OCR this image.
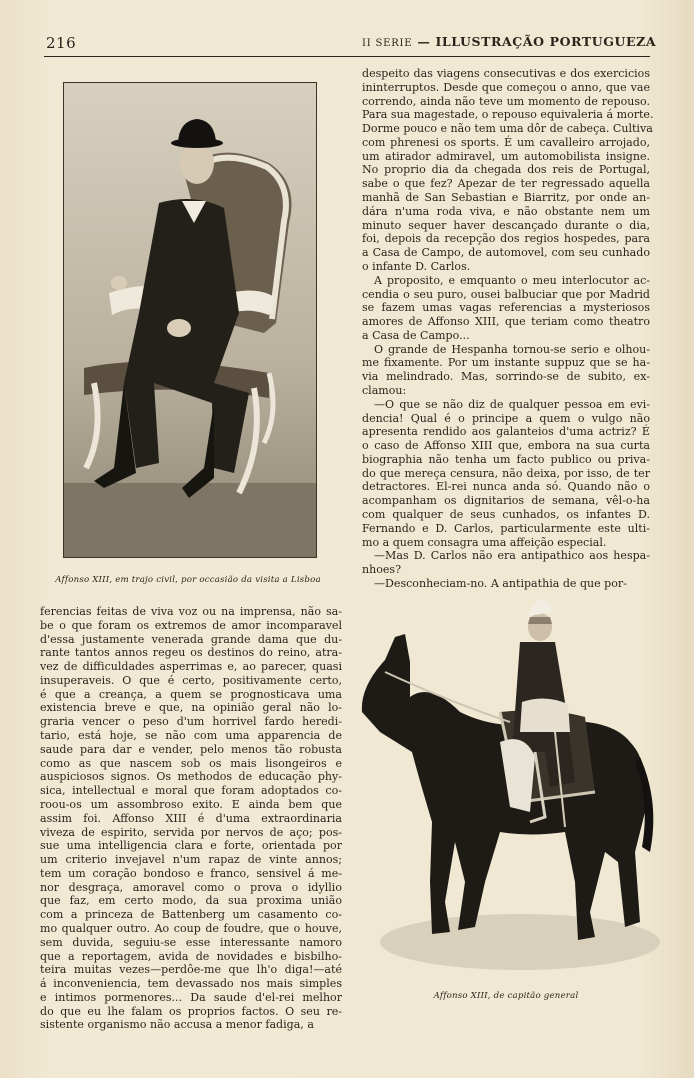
216	II SERIE — ILLUSTRAÇÃO PORTUGUEZA
Affonso XIII, em trajo civil, por occasião da visita a Lisboa
Affonso XIII, de capitão general

despeito das viagens consecutivas e dos exercicios
ininterruptos. Desde que começou o anno, que vae
correndo, ainda não teve um momento de repouso.
Para sua magestade, o repouso equivaleria á morte.
Dorme pouco e não tem uma dôr de cabeça. Cultiva
com phrenesi os sports. É um cavalleiro arrojado,
um atirador admiravel, um automobilista insigne.
No proprio dia da chegada dos reis de Portugal,
sabe o que fez? Apezar de ter regressado aquella
manhã de San Sebastian e Biarritz, por onde an-
dára n'uma roda viva, e não obstante nem um
minuto sequer haver descançado durante o dia,
foi, depois da recepção dos regios hospedes, para
a Casa de Campo, de automovel, com seu cunhado
o infante D. Carlos.

A proposito, e emquanto o meu interlocutor ac-
cendia o seu puro, ousei balbuciar que por Madrid
se fazem umas vagas referencias a mysteriosos
amores de Affonso XIII, que teriam como theatro
a Casa de Campo...

O grande de Hespanha tornou-se serio e olhou-
me fixamente. Por um instante suppuz que se ha-
via melindrado. Mas, sorrindo-se de subito, ex-
clamou:

—O que se não diz de qualquer pessoa em evi-
dencia! Qual é o principe a quem o vulgo não
apresenta rendido aos galanteios d'uma actriz? É
o caso de Affonso XIII que, embora na sua curta
biographia não tenha um facto publico ou priva-
do que mereça censura, não deixa, por isso, de ter
detractores. El-rei nunca anda só. Quando não o
acompanham os dignitarios de semana, vêl-o-ha
com qualquer de seus cunhados, os infantes D.
Fernando e D. Carlos, particularmente este ulti-
mo a quem consagra uma affeição especial.

—Mas D. Carlos não era antipathico aos hespa-
nhoes?

—Desconheciam-no. A antipathia de que por-

ferencias feitas de viva voz ou na imprensa, não sa-
be o que foram os extremos de amor incomparavel
d'essa justamente venerada grande dama que du-
rante tantos annos regeu os destinos do reino, atra-
vez de difficuldades asperrimas e, ao parecer, quasi
insuperaveis. O que é certo, positivamente certo,
é que a creança, a quem se prognosticava uma
existencia breve e que, na opinião geral não lo-
graria vencer o peso d'um horrivel fardo heredi-
tario, está hoje, se não com uma apparencia de
saude para dar e vender, pelo menos tão robusta
como as que nascem sob os mais lisongeiros e
auspiciosos signos. Os methodos de educação phy-
sica, intellectual e moral que foram adoptados co-
roou-os um assombroso exito. E ainda bem que
assim foi. Affonso XIII é d'uma extraordinaria
viveza de espirito, servida por nervos de aço; pos-
sue uma intelligencia clara e forte, orientada por
um criterio invejavel n'um rapaz de vinte annos;
tem um coração bondoso e franco, sensivel á me-
nor desgraça, amoravel como o prova o idyllio
que faz, em certo modo, da sua proxima união
com a princeza de Battenberg um casamento co-
mo qualquer outro. Ao coup de foudre, que o houve,
sem duvida, seguiu-se esse interessante namoro
que a reportagem, avida de novidades e bisbilho-
teira muitas vezes—perdôe-me que lh'o diga!—até
á inconveniencia, tem devassado nos mais simples
e intimos pormenores... Da saude d'el-rei melhor
do que eu lhe falam os proprios factos. O seu re-
sistente organismo não accusa a menor fadiga, a
